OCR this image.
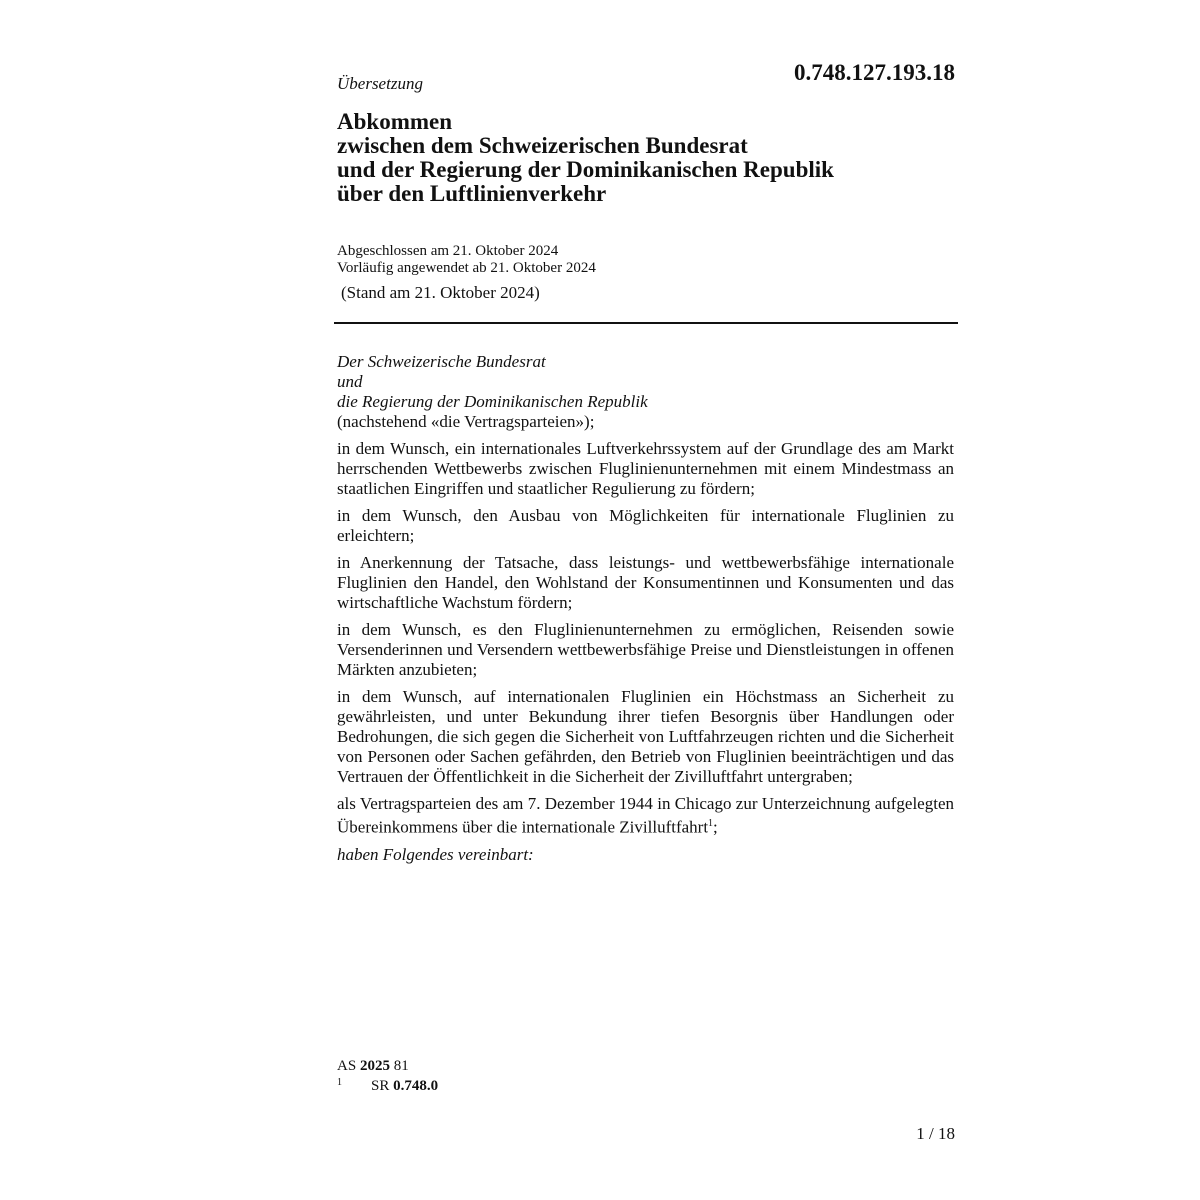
Übersetzung	0.748.127.193.18
Abkommen
zwischen dem Schweizerischen Bundesrat
und der Regierung der Dominikanischen Republik
über den Luftlinienverkehr
Abgeschlossen am 21. Oktober 2024
Vorläufig angewendet ab 21. Oktober 2024
(Stand am 21. Oktober 2024)
Der Schweizerische Bundesrat
und
die Regierung der Dominikanischen Republik

(nachstehend «die Vertragsparteien»);

in dem Wunsch, ein internationales Luftverkehrssystem auf der Grundlage des am Markt herrschenden Wettbewerbs zwischen Fluglinienunternehmen mit einem Mindestmass an staatlichen Eingriffen und staatlicher Regulierung zu fördern;

in dem Wunsch, den Ausbau von Möglichkeiten für internationale Fluglinien zu erleichtern;

in Anerkennung der Tatsache, dass leistungs- und wettbewerbsfähige internationale Fluglinien den Handel, den Wohlstand der Konsumentinnen und Konsumenten und das wirtschaftliche Wachstum fördern;

in dem Wunsch, es den Fluglinienunternehmen zu ermöglichen, Reisenden sowie Versenderinnen und Versendern wettbewerbsfähige Preise und Dienstleistungen in offenen Märkten anzubieten;

in dem Wunsch, auf internationalen Fluglinien ein Höchstmass an Sicherheit zu gewährleisten, und unter Bekundung ihrer tiefen Besorgnis über Handlungen oder Bedrohungen, die sich gegen die Sicherheit von Luftfahrzeugen richten und die Sicherheit von Personen oder Sachen gefährden, den Betrieb von Fluglinien beeinträchtigen und das Vertrauen der Öffentlichkeit in die Sicherheit der Zivilluftfahrt untergraben;

als Vertragsparteien des am 7. Dezember 1944 in Chicago zur Unterzeichnung aufgelegten Übereinkommens über die internationale Zivilluftfahrt$^1$;

haben Folgendes vereinbart:

AS 2025 81
1 SR 0.748.0
1 / 18
